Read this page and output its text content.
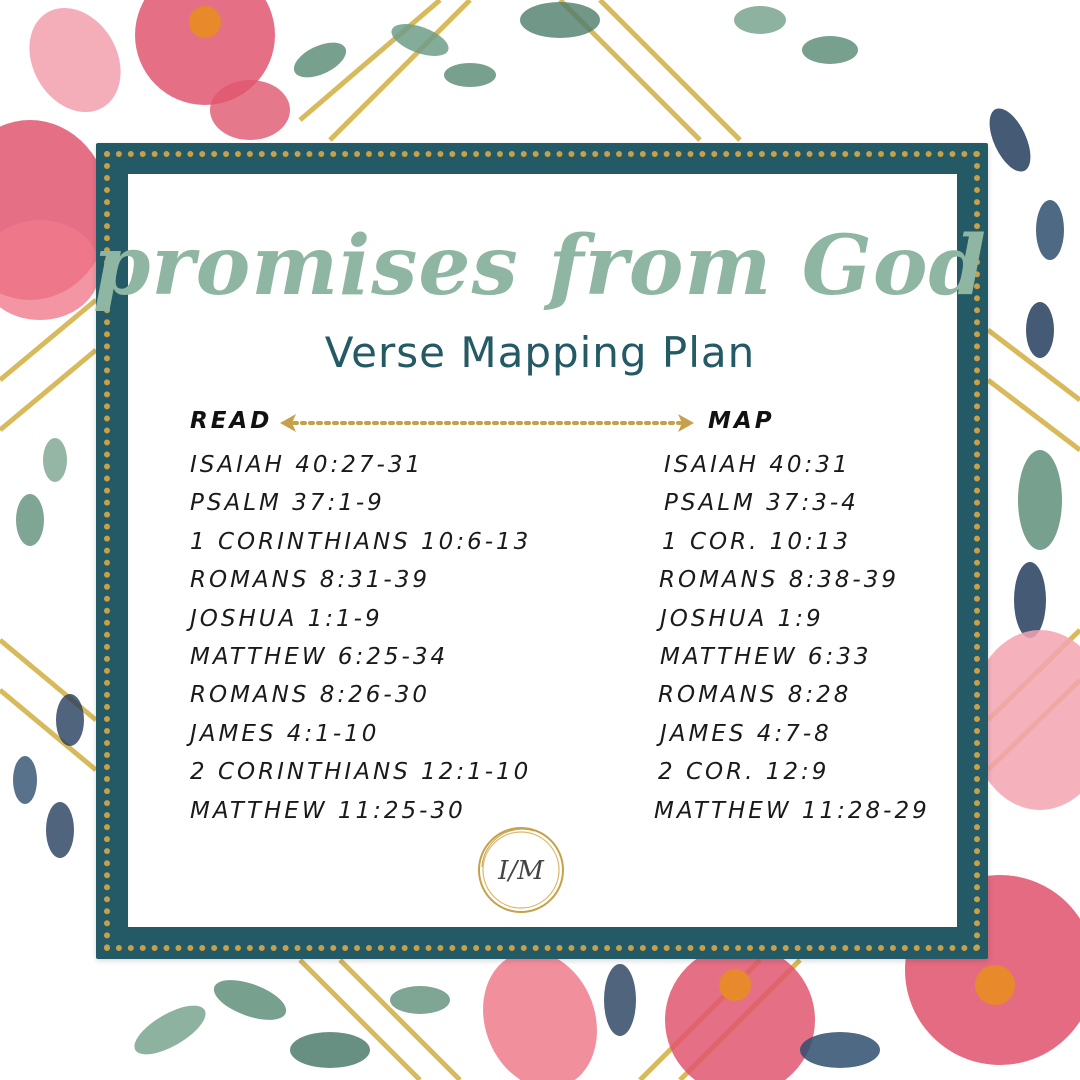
promises from God
Verse Mapping Plan
READ	MAP
ISAIAH 40:27-31
PSALM 37:1-9
1 CORINTHIANS 10:6-13
ROMANS 8:31-39
JOSHUA 1:1-9
MATTHEW 6:25-34
ROMANS 8:26-30
JAMES 4:1-10
2 CORINTHIANS 12:1-10
MATTHEW 11:25-30
ISAIAH 40:31
PSALM 37:3-4
1 COR. 10:13
ROMANS 8:38-39
JOSHUA 1:9
MATTHEW 6:33
ROMANS 8:28
JAMES 4:7-8
2 COR. 12:9
MATTHEW 11:28-29
I/M
